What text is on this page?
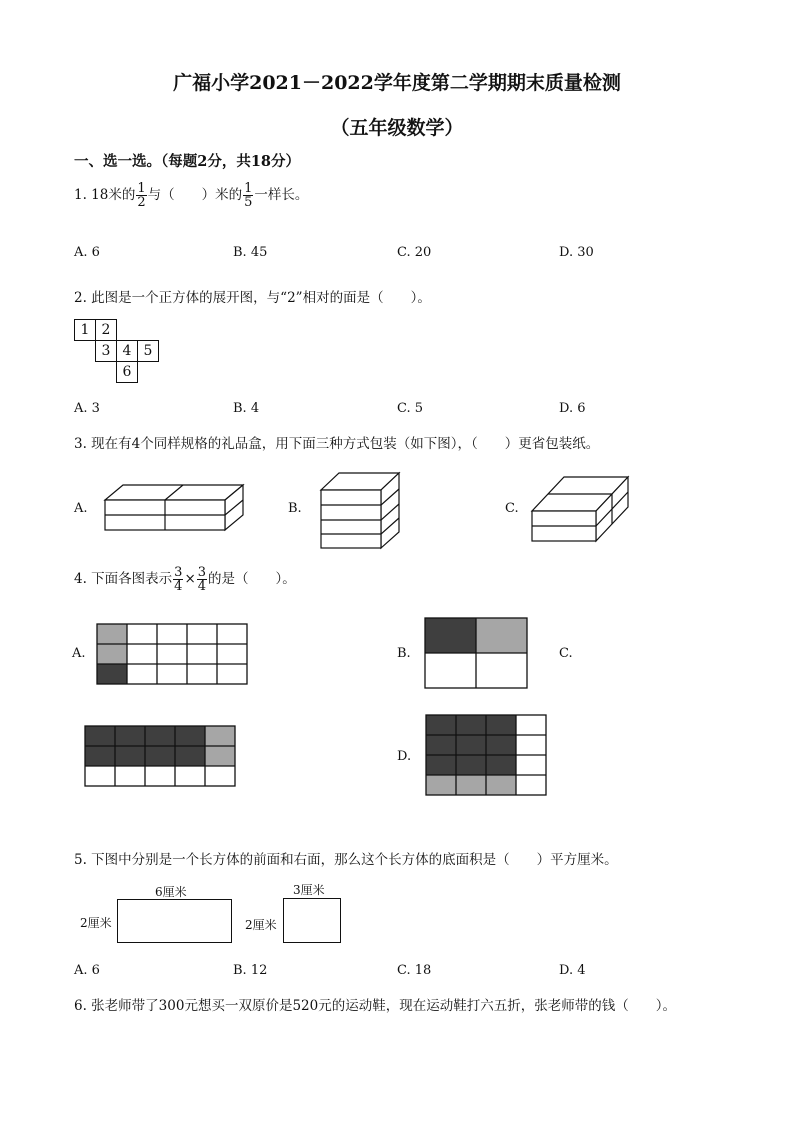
广福小学2021－2022学年度第二学期期末质量检测
（五年级数学）
一、选一选。（每题2分，共18分）
1. 18米的 $\frac{1}{2}$ 与（　　）米的 $\frac{1}{5}$ 一样长。
A. 6	B. 45	C. 20	D. 30
2. 此图是一个正方体的展开图，与“2”相对的面是（　　）。
1 2
3 4 5
6
A. 3	B. 4	C. 5	D. 6
3. 现在有4个同样规格的礼品盒，用下面三种方式包装（如下图），（　　）更省包装纸。
A.	B.	C.
4. 下面各图表示 $\frac{3}{4} \times \frac{3}{4}$ 的是（　　）。
A.	B.	C.
D.
5. 下图中分别是一个长方体的前面和右面，那么这个长方体的底面积是（　　）平方厘米。
6厘米
2厘米
3厘米
2厘米
A. 6	B. 12	C. 18	D. 4
6. 张老师带了300元想买一双原价是520元的运动鞋，现在运动鞋打六五折，张老师带的钱（　　）。
